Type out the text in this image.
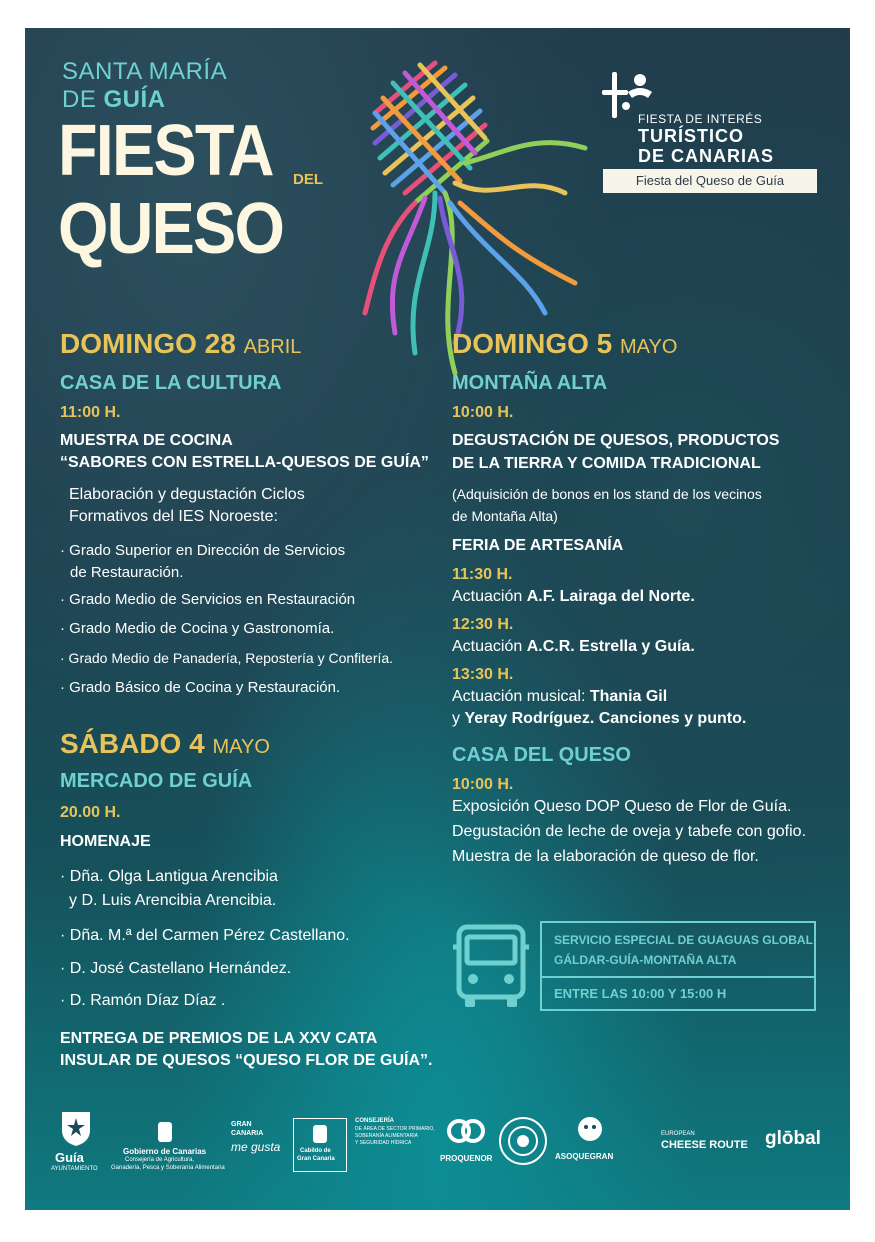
SANTA MARÍA
DE GUÍA
FIESTA DEL
QUESO
FIESTA DE INTERÉS
TURÍSTICO
DE CANARIAS
Fiesta del Queso de Guía
DOMINGO 28 ABRIL
CASA DE LA CULTURA
11:00 H.
MUESTRA DE COCINA
“SABORES CON ESTRELLA-QUESOS DE GUÍA”
Elaboración y degustación Ciclos
Formativos del IES Noroeste:
· Grado Superior en Dirección de Servicios
de Restauración.
· Grado Medio de Servicios en Restauración
· Grado Medio de Cocina y Gastronomía.
· Grado Medio de Panadería, Repostería y Confitería.
· Grado Básico de Cocina y Restauración.
SÁBADO 4 MAYO
MERCADO DE GUÍA
20.00 H.
HOMENAJE
· Dña. Olga Lantigua Arencibia
y D. Luis Arencibia Arencibia.
· Dña. M.ª del Carmen Pérez Castellano.
· D. José Castellano Hernández.
· D. Ramón Díaz Díaz .
ENTREGA DE PREMIOS DE LA XXV CATA
INSULAR DE QUESOS “QUESO FLOR DE GUÍA”.
DOMINGO 5 MAYO
MONTAÑA ALTA
10:00 H.
DEGUSTACIÓN DE QUESOS, PRODUCTOS
DE LA TIERRA Y COMIDA TRADICIONAL
(Adquisición de bonos en los stand de los vecinos
de Montaña Alta)
FERIA DE ARTESANÍA
11:30 H.
Actuación A.F. Lairaga del Norte.
12:30 H.
Actuación A.C.R. Estrella y Guía.
13:30 H.
Actuación musical: Thania Gil
y Yeray Rodríguez. Canciones y punto.
CASA DEL QUESO
10:00 H.
Exposición Queso DOP Queso de Flor de Guía.
Degustación de leche de oveja y tabefe con gofio.
Muestra de la elaboración de queso de flor.
SERVICIO ESPECIAL DE GUAGUAS GLOBAL
GÁLDAR-GUÍA-MONTAÑA ALTA
ENTRE LAS 10:00 Y 15:00 H
Guía
AYUNTAMIENTO
Gobierno de Canarias
Consejería de Agricultura,
Ganadería, Pesca y Soberanía Alimentaria
GRAN
CANARIA
me gusta	Cabildo de
Gran Canaria
CONSEJERÍA
DE ÁREA DE SECTOR PRIMARIO,
SOBERANÍA ALIMENTARIA
Y SEGURIDAD HÍDRICA
PROQUENOR	ASOQUEGRAN
EUROPEAN
CHEESE ROUTE glōbal
